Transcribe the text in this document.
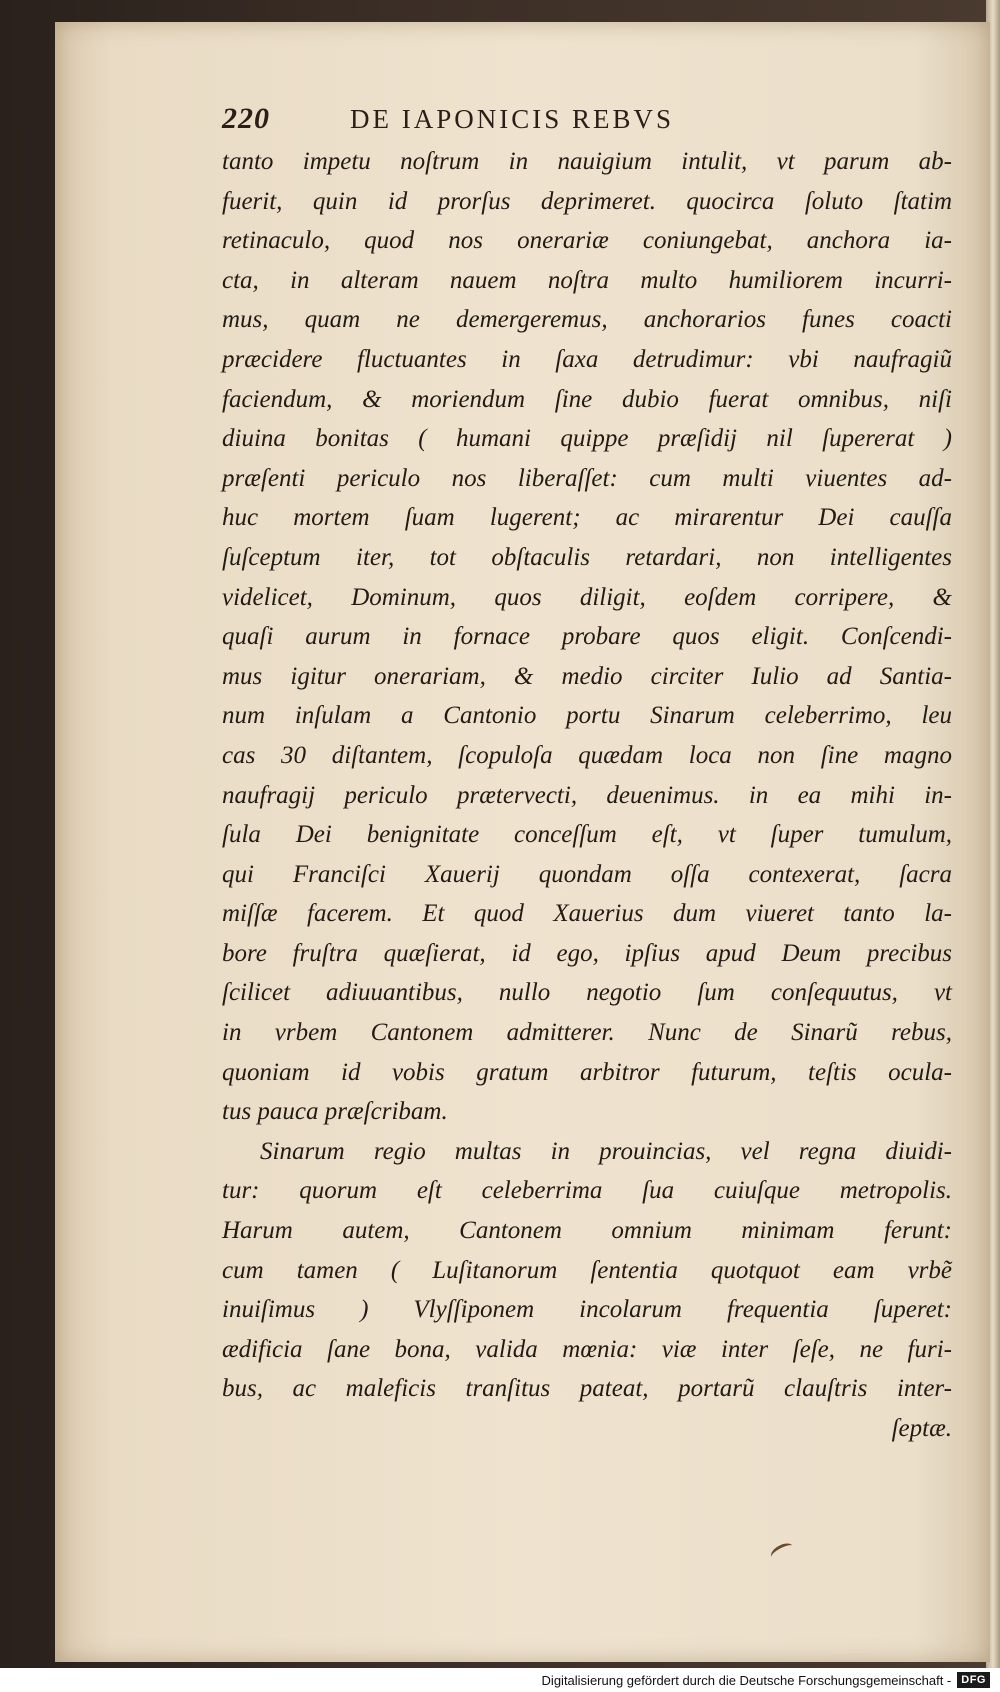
220	DE IAPONICIS REBVS
tanto impetu noſtrum in nauigium intulit, vt parum ab-
fuerit, quin id prorſus deprimeret. quocirca ſoluto ſtatim
retinaculo, quod nos onerariæ coniungebat, anchora ia-
cta, in alteram nauem noſtra multo humiliorem incurri-
mus, quam ne demergeremus, anchorarios funes coacti
præcidere fluctuantes in ſaxa detrudimur: vbi naufragiũ
faciendum, & moriendum ſine dubio fuerat omnibus, niſi
diuina bonitas ( humani quippe præſidij nil ſupererat )
præſenti periculo nos liberaſſet: cum multi viuentes ad-
huc mortem ſuam lugerent; ac mirarentur Dei cauſſa
ſuſceptum iter, tot obſtaculis retardari, non intelligentes
videlicet, Dominum, quos diligit, eoſdem corripere, &
quaſi aurum in fornace probare quos eligit. Conſcendi-
mus igitur onerariam, & medio circiter Iulio ad Santia-
num inſulam a Cantonio portu Sinarum celeberrimo, leu
cas 30 diſtantem, ſcopuloſa quædam loca non ſine magno
naufragij periculo prætervecti, deuenimus. in ea mihi in-
ſula Dei benignitate conceſſum eſt, vt ſuper tumulum,
qui Franciſci Xauerij quondam oſſa contexerat, ſacra
miſſæ facerem. Et quod Xauerius dum viueret tanto la-
bore fruſtra quæſierat, id ego, ipſius apud Deum precibus
ſcilicet adiuuantibus, nullo negotio ſum conſequutus, vt
in vrbem Cantonem admitterer. Nunc de Sinarũ rebus,
quoniam id vobis gratum arbitror futurum, teſtis ocula-
tus pauca præſcribam.
Sinarum regio multas in prouincias, vel regna diuidi-
tur: quorum eſt celeberrima ſua cuiuſque metropolis.
Harum autem, Cantonem omnium minimam ferunt:
cum tamen ( Luſitanorum ſententia quotquot eam vrbẽ
inuiſimus ) Vlyſſiponem incolarum frequentia ſuperet:
ædificia ſane bona, valida mœnia: viæ inter ſeſe, ne furi-
bus, ac maleficis tranſitus pateat, portarũ clauſtris inter-
ſeptæ.
Digitalisierung gefördert durch die Deutsche Forschungsgemeinschaft - DFG
